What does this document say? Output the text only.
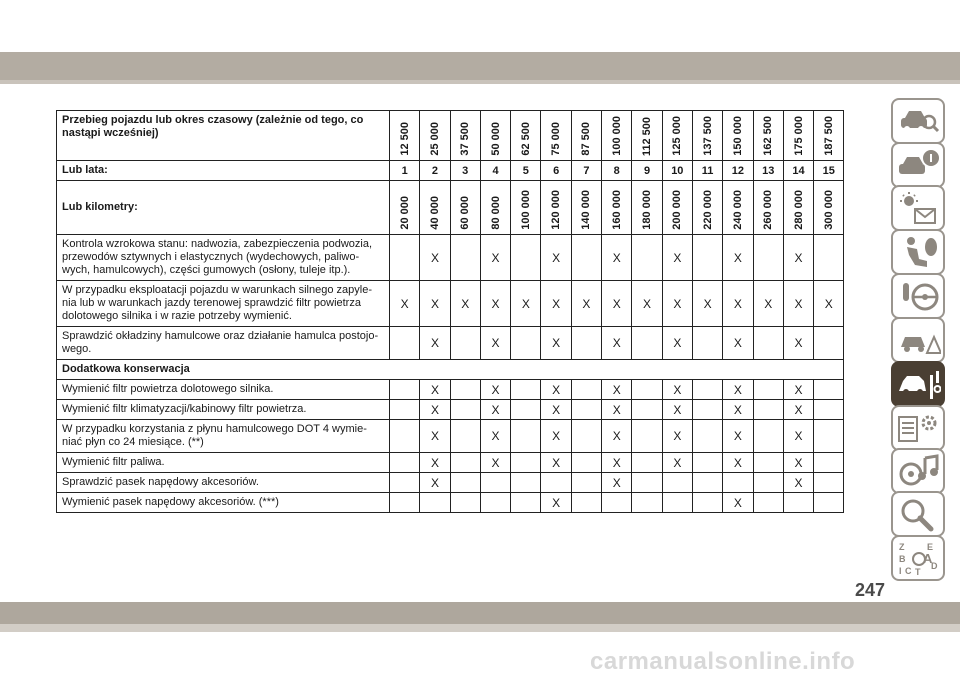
Przebieg pojazdu lub okres czasowy (zależnie od tego, co nastąpi wcześniej)	12 500	25 000	37 500	50 000	62 500	75 000	87 500	100 000	112 500	125 000	137 500	150 000	162 500	175 000	187 500

Lub lata:	1	2	3	4	5	6	7	8	9	10	11	12	13	14	15
Lub kilometry:	20 000	40 000	60 000	80 000	100 000	120 000	140 000	160 000	180 000	200 000	220 000	240 000	260 000	280 000	300 000

Kontrola wzrokowa stanu: nadwozia, zabezpieczenia podwozia, przewodów sztywnych i elastycznych (wydechowych, paliwo- wych, hamulcowych), części gumowych (osłony, tuleje itp.).		X		X		X		X		X		X		X	
W przypadku eksploatacji pojazdu w warunkach silnego zapyle- nia lub w warunkach jazdy terenowej sprawdzić filtr powietrza dolotowego silnika i w razie potrzeby wymienić.	X	X	X	X	X	X	X	X	X	X	X	X	X	X	X
Sprawdzić okładziny hamulcowe oraz działanie hamulca postojo- wego.		X		X		X		X		X		X		X	
Dodatkowa konserwacja															
Wymienić filtr powietrza dolotowego silnika.		X		X		X		X		X		X		X	
Wymienić filtr klimatyzacji/kabinowy filtr powietrza.		X		X		X		X		X		X		X	
W przypadku korzystania z płynu hamulcowego DOT 4 wymie- niać płyn co 24 miesiące. (**)		X		X		X		X		X		X		X	
Wymienić filtr paliwa.		X		X		X		X		X		X		X	
Sprawdzić pasek napędowy akcesoriów.		X						X						X	
Wymienić pasek napędowy akcesoriów. (***)						X						X			
Z	E
B A
C D
I T
247
carmanualsonline.info
